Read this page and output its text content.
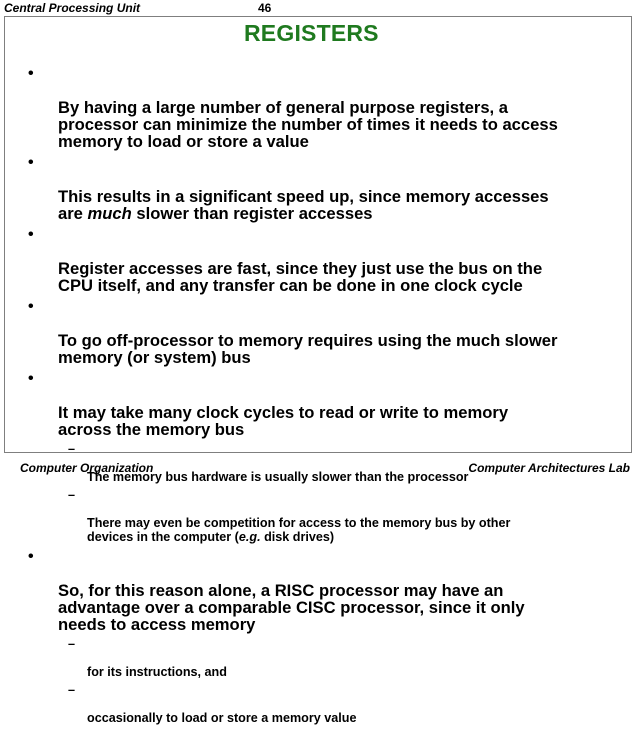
Central Processing Unit	46
REGISTERS

•

By having a large number of general purpose registers, a
processor can minimize the number of times it needs to access
memory to load or store a value

•

This results in a significant speed up, since memory accesses
are much slower than register accesses

•

Register accesses are fast, since they just use the bus on the
CPU itself, and any transfer can be done in one clock cycle

•

To go off-processor to memory requires using the much slower
memory (or system) bus

•

It may take many clock cycles to read or write to memory
across the memory bus

–

The memory bus hardware is usually slower than the processor

–

There may even be competition for access to the memory bus by other
devices in the computer (e.g. disk drives)

•

So, for this reason alone, a RISC processor may have an
advantage over a comparable CISC processor, since it only
needs to access memory

–

for its instructions, and

–

occasionally to load or store a memory value

Computer Organization	Computer Architectures Lab
